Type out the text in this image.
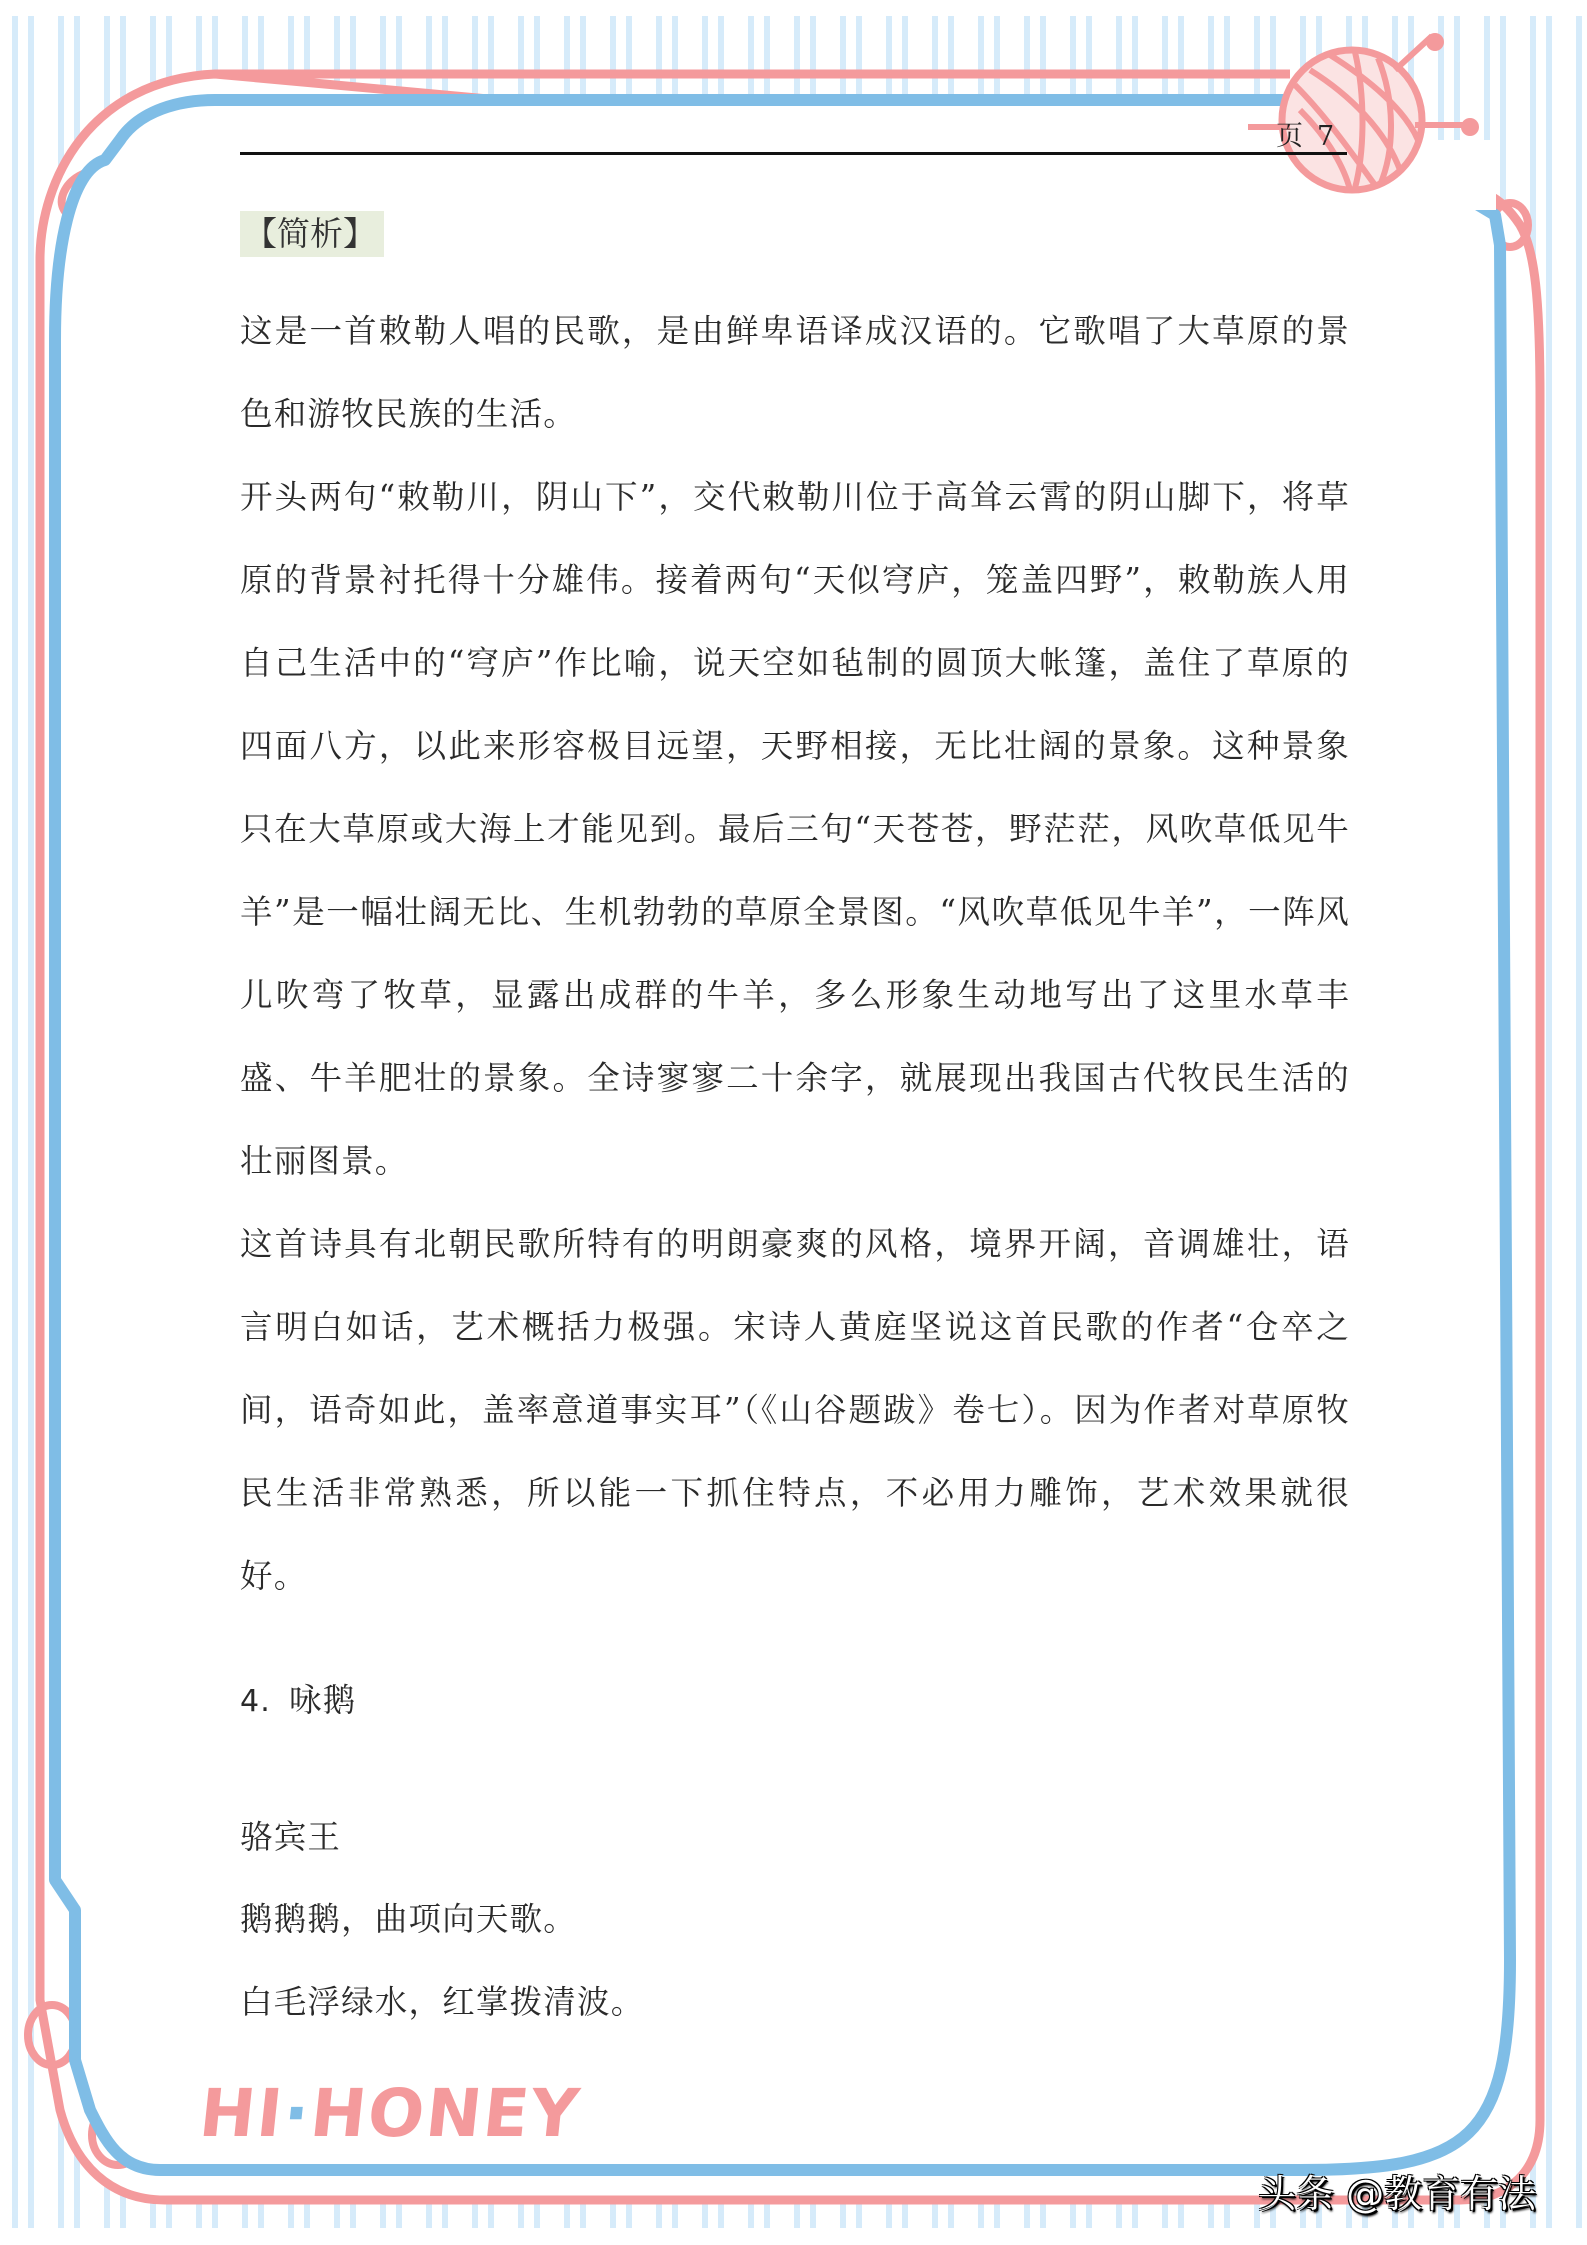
页 7
【简析】

这是一首敕勒人唱的民歌，是由鲜卑语译成汉语的。它歌唱了大草原的景色和游牧民族的生活。

开头两句“敕勒川，阴山下”，交代敕勒川位于高耸云霄的阴山脚下，将草原的背景衬托得十分雄伟。接着两句“天似穹庐，笼盖四野”，敕勒族人用自己生活中的“穹庐”作比喻，说天空如毡制的圆顶大帐篷，盖住了草原的四面八方，以此来形容极目远望，天野相接，无比壮阔的景象。这种景象只在大草原或大海上才能见到。最后三句“天苍苍，野茫茫，风吹草低见牛羊”是一幅壮阔无比、生机勃勃的草原全景图。“风吹草低见牛羊”，一阵风儿吹弯了牧草，显露出成群的牛羊，多么形象生动地写出了这里水草丰盛、牛羊肥壮的景象。全诗寥寥二十余字，就展现出我国古代牧民生活的壮丽图景。

这首诗具有北朝民歌所特有的明朗豪爽的风格，境界开阔，音调雄壮，语言明白如话，艺术概括力极强。宋诗人黄庭坚说这首民歌的作者“仓卒之间，语奇如此，盖率意道事实耳”（《山谷题跋》卷七）。因为作者对草原牧民生活非常熟悉，所以能一下抓住特点，不必用力雕饰，艺术效果就很好。

4. 咏鹅
骆宾王
鹅鹅鹅，曲项向天歌。
白毛浮绿水，红掌拨清波。
HI·HONEY
头条 @教育有法
